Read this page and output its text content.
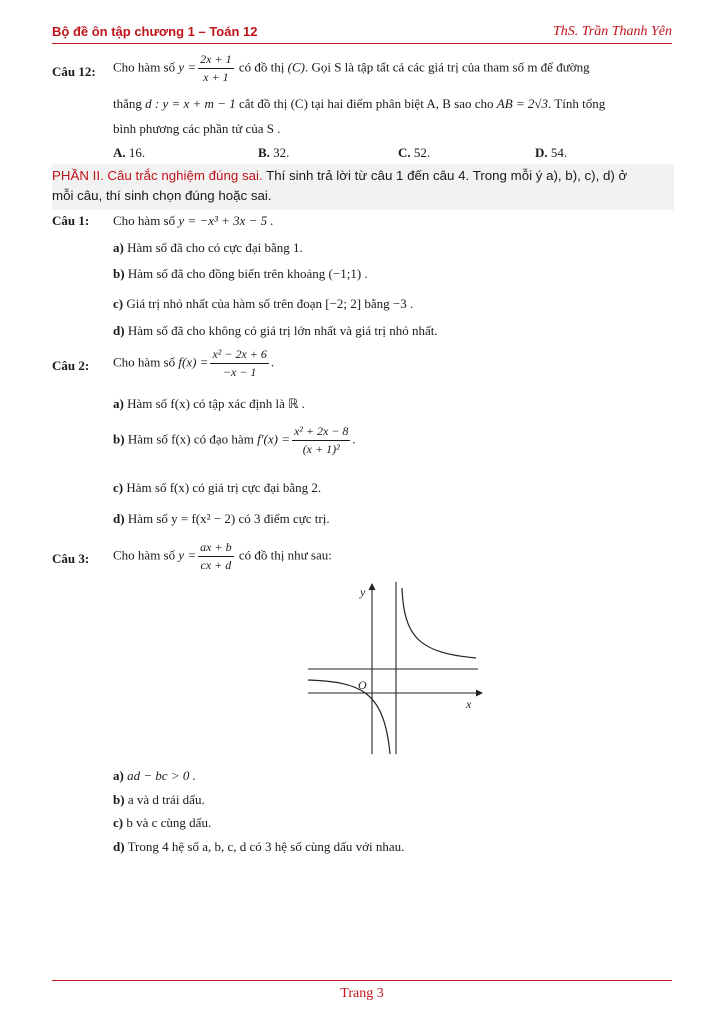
Bộ đề ôn tập chương 1 – Toán 12	ThS. Trần Thanh Yên
Câu 12: Cho hàm số $y = \frac{2x + 1}{x + 1}$ có đồ thị (C). Gọi S là tập tất cả các giá trị của tham số m để đường
thẳng d : y = x + m − 1 cắt đồ thị (C) tại hai điểm phân biệt A, B sao cho AB = 2√3. Tính tổng
bình phương các phần tử của S .
A. 16.	B. 32.	C. 52.	D. 54.
PHẦN II. Câu trắc nghiệm đúng sai. Thí sinh trả lời từ câu 1 đến câu 4. Trong mỗi ý a), b), c), d) ở
mỗi câu, thí sinh chọn đúng hoặc sai.
Câu 1: Cho hàm số y = −x³ + 3x − 5 .
a) Hàm số đã cho có cực đại bằng 1.
b) Hàm số đã cho đồng biến trên khoảng (−1;1) .
c) Giá trị nhỏ nhất của hàm số trên đoạn [−2; 2] bằng −3 .
d) Hàm số đã cho không có giá trị lớn nhất và giá trị nhỏ nhất.
Câu 2: Cho hàm số $f(x) = \frac{\text{x² − 2x + 6}}{-x - 1}$ .
a) Hàm số f(x) có tập xác định là ℝ .
b) Hàm số f(x) có đạo hàm $f'(x) = \frac{\text{x² + 2x − 8}}{\text{(x + 1)²}}$ .
c) Hàm số f(x) có giá trị cực đại bằng 2.
d) Hàm số y = f(x² − 2) có 3 điểm cực trị.
Câu 3: Cho hàm số $y = \frac{ax + b}{cx + d}$ có đồ thị như sau:
y
x
O
a) ad − bc > 0 .
b) a và d trái dấu.
c) b và c cùng dấu.
d) Trong 4 hệ số a, b, c, d có 3 hệ số cùng dấu với nhau.
Trang 3
